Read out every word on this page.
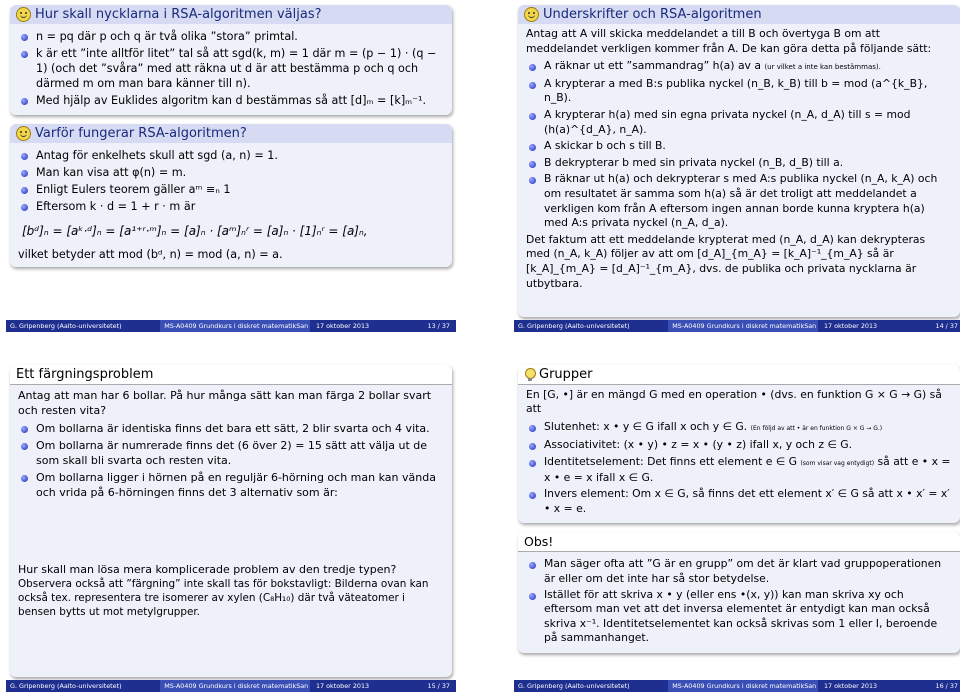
Hur skall nycklarna i RSA-algoritmen väljas?
n = pq där p och q är två olika ”stora” primtal.
k är ett ”inte alltför litet” tal så att sgd(k, m) = 1 där m = (p − 1) · (q − 1) (och det ”svåra” med att räkna ut d är att bestämma p och q och därmed m om man bara känner till n).
Med hjälp av Euklides algoritm kan d bestämmas så att [d]ₘ = [k]ₘ⁻¹.
Varför fungerar RSA-algoritmen?
Antag för enkelhets skull att sgd (a, n) = 1.
Man kan visa att φ(n) = m.
Enligt Eulers teorem gäller aᵐ ≡ₙ 1
Eftersom k · d = 1 + r · m är
[bᵈ]ₙ = [aᵏ·ᵈ]ₙ = [a¹⁺ʳ·ᵐ]ₙ = [a]ₙ · [aᵐ]ₙʳ = [a]ₙ · [1]ₙʳ = [a]ₙ,
vilket betyder att mod (bᵈ, n) = mod (a, n) = a.
G. Gripenberg (Aalto-universitetet)	MS-A0409 Grundkurs i diskret matematikSan 17 oktober 2013	13 / 37
Underskrifter och RSA-algoritmen
Antag att A vill skicka meddelandet a till B och övertyga B om att meddelandet verkligen kommer från A. De kan göra detta på följande sätt:
A räknar ut ett ”sammandrag” h(a) av a (ur vilket a inte kan bestämmas).
A krypterar a med B:s publika nyckel (n_B, k_B) till b = mod (a^{k_B}, n_B).
A krypterar h(a) med sin egna privata nyckel (n_A, d_A) till s = mod (h(a)^{d_A}, n_A).
A skickar b och s till B.
B dekrypterar b med sin privata nyckel (n_B, d_B) till a.
B räknar ut h(a) och dekrypterar s med A:s publika nyckel (n_A, k_A) och om resultatet är samma som h(a) så är det troligt att meddelandet a verkligen kom från A eftersom ingen annan borde kunna kryptera h(a) med A:s privata nyckel (n_A, d_a).
Det faktum att ett meddelande krypterat med (n_A, d_A) kan dekrypteras med (n_A, k_A) följer av att om [d_A]_{m_A} = [k_A]⁻¹_{m_A} så är [k_A]_{m_A} = [d_A]⁻¹_{m_A}, dvs. de publika och privata nycklarna är utbytbara.
G. Gripenberg (Aalto-universitetet)	MS-A0409 Grundkurs i diskret matematikSan 17 oktober 2013	14 / 37
Ett färgningsproblem
Antag att man har 6 bollar. På hur många sätt kan man färga 2 bollar svart och resten vita?
Om bollarna är identiska finns det bara ett sätt, 2 blir svarta och 4 vita.
Om bollarna är numrerade finns det (6 över 2) = 15 sätt att välja ut de som skall bli svarta och resten vita.
Om bollarna ligger i hörnen på en reguljär 6-hörning och man kan vända och vrida på 6-hörningen finns det 3 alternativ som är:
Hur skall man lösa mera komplicerade problem av den tredje typen?
Observera också att ”färgning” inte skall tas för bokstavligt: Bilderna ovan kan också tex. representera tre isomerer av xylen (C₈H₁₀) där två väteatomer i bensen bytts ut mot metylgrupper.
G. Gripenberg (Aalto-universitetet)	MS-A0409 Grundkurs i diskret matematikSan 17 oktober 2013	15 / 37
Grupper
En [G, •] är en mängd G med en operation • (dvs. en funktion G × G → G) så att
Slutenhet: x • y ∈ G ifall x och y ∈ G. (En följd av att • är en funktion G × G → G.)
Associativitet: (x • y) • z = x • (y • z) ifall x, y och z ∈ G.
Identitetselement: Det finns ett element e ∈ G (som visar vag entydigt) så att e • x = x • e = x ifall x ∈ G.
Invers element: Om x ∈ G, så finns det ett element x′ ∈ G så att x • x′ = x′ • x = e.
Obs!
Man säger ofta att ”G är en grupp” om det är klart vad gruppoperationen är eller om det inte har så stor betydelse.
Istället för att skriva x • y (eller ens •(x, y)) kan man skriva xy och eftersom man vet att det inversa elementet är entydigt kan man också skriva x⁻¹. Identitetselementet kan också skrivas som 1 eller I, beroende på sammanhanget.
G. Gripenberg (Aalto-universitetet)	MS-A0409 Grundkurs i diskret matematikSan 17 oktober 2013	16 / 37
